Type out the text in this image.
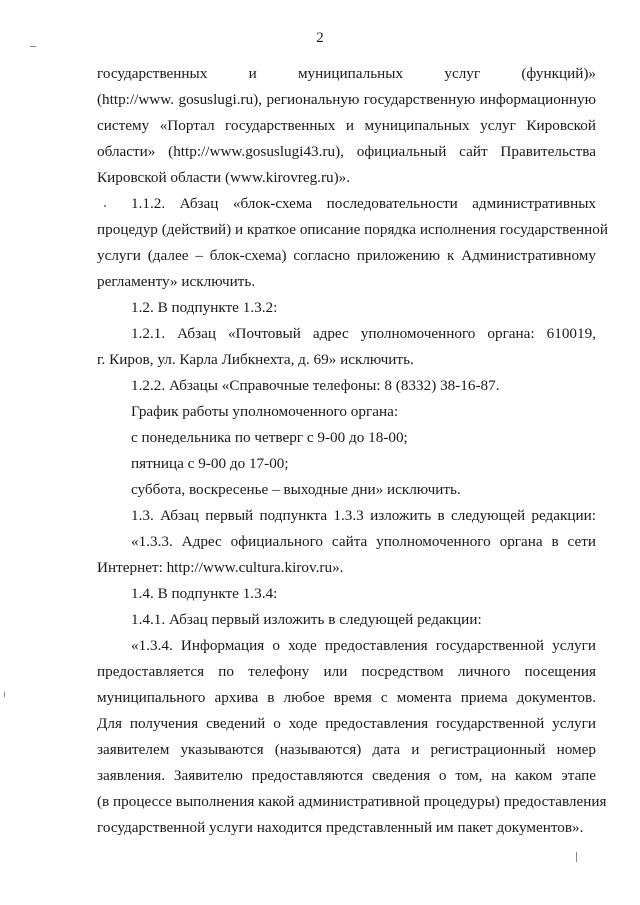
2
государственных и муниципальных услуг (функций)»
(http://www. gosuslugi.ru), региональную государственную информационную
систему «Портал государственных и муниципальных услуг Кировской
области» (http://www.gosuslugi43.ru), официальный сайт Правительства
Кировской области (www.kirovreg.ru)».
1.1.2. Абзац «блок-схема последовательности административных
процедур (действий) и краткое описание порядка исполнения государственной
услуги (далее – блок-схема) согласно приложению к Административному
регламенту» исключить.
1.2. В подпункте 1.3.2:
1.2.1. Абзац «Почтовый адрес уполномоченного органа: 610019,
г. Киров, ул. Карла Либкнехта, д. 69» исключить.
1.2.2. Абзацы «Справочные телефоны: 8 (8332) 38-16-87.
График работы уполномоченного органа:
с понедельника по четверг с 9-00 до 18-00;
пятница с 9-00 до 17-00;
суббота, воскресенье – выходные дни» исключить.
1.3. Абзац первый подпункта 1.3.3 изложить в следующей редакции:
«1.3.3. Адрес официального сайта уполномоченного органа в сети
Интернет: http://www.cultura.kirov.ru».
1.4. В подпункте 1.3.4:
1.4.1. Абзац первый изложить в следующей редакции:
«1.3.4. Информация о ходе предоставления государственной услуги
предоставляется по телефону или посредством личного посещения
муниципального архива в любое время с момента приема документов.
Для получения сведений о ходе предоставления государственной услуги
заявителем указываются (называются) дата и регистрационный номер
заявления. Заявителю предоставляются сведения о том, на каком этапе
(в процессе выполнения какой административной процедуры) предоставления
государственной услуги находится представленный им пакет документов».
